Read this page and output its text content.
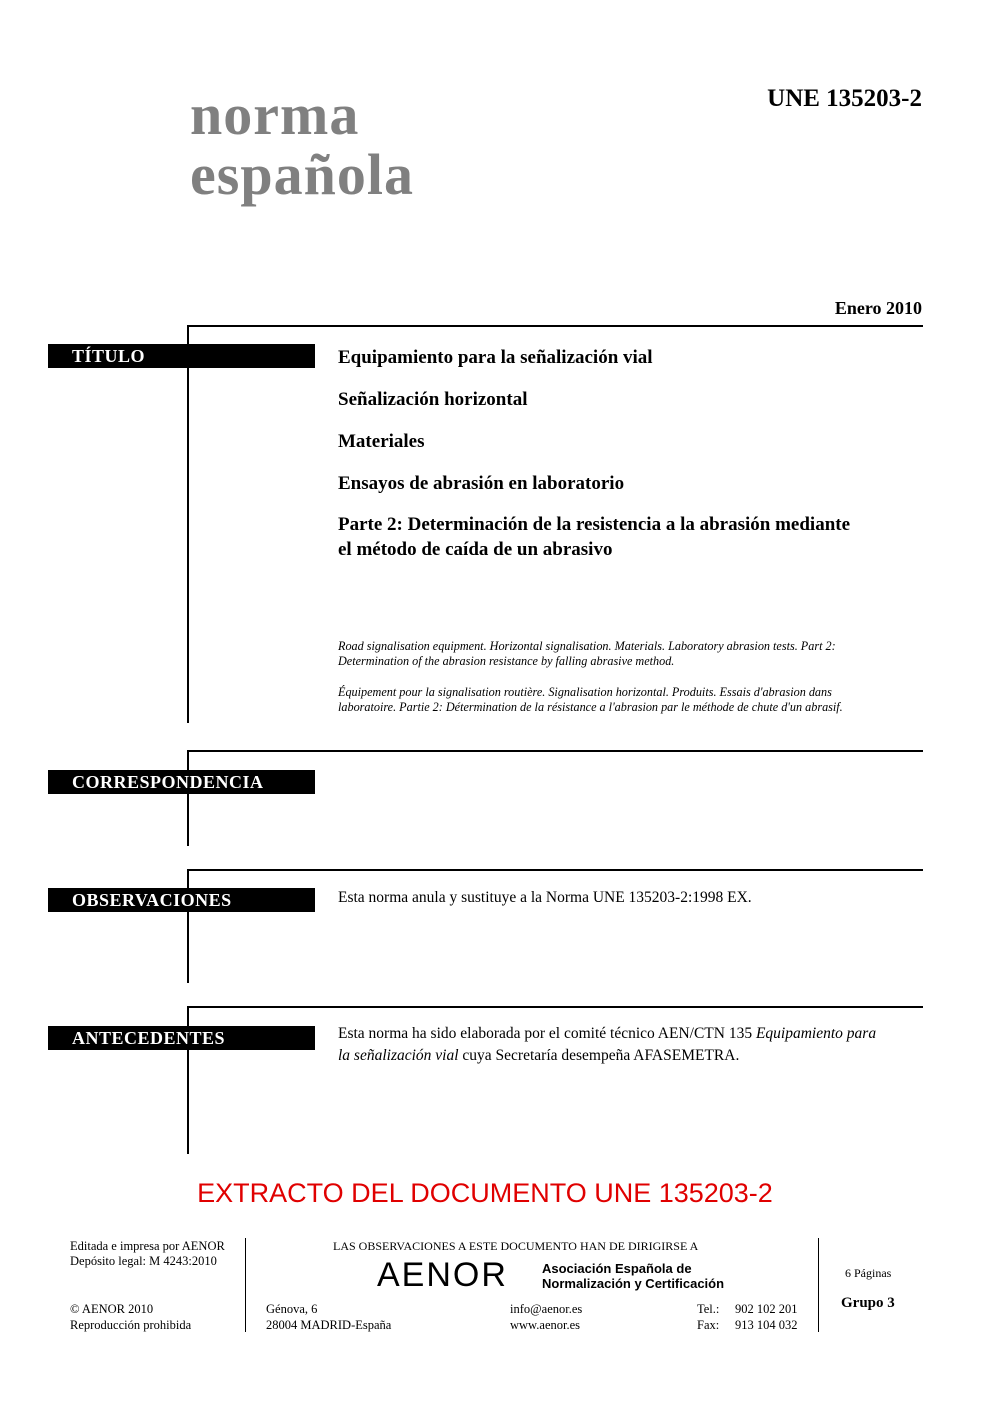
norma
española
UNE 135203-2
Enero 2010
TÍTULO	Equipamiento para la señalización vial
Señalización horizontal
Materiales
Ensayos de abrasión en laboratorio
Parte 2: Determinación de la resistencia a la abrasión mediante
el método de caída de un abrasivo
Road signalisation equipment. Horizontal signalisation. Materials. Laboratory abrasion tests. Part 2:
Determination of the abrasion resistance by falling abrasive method.
Équipement pour la signalisation routière. Signalisation horizontal. Produits. Essais d'abrasion dans
laboratoire. Partie 2: Détermination de la résistance a l'abrasion par le méthode de chute d'un abrasif.
CORRESPONDENCIA
OBSERVACIONES	Esta norma anula y sustituye a la Norma UNE 135203-2:1998 EX.
ANTECEDENTES	Esta norma ha sido elaborada por el comité técnico AEN/CTN 135 Equipamiento para
la señalización vial cuya Secretaría desempeña AFASEMETRA.
EXTRACTO DEL DOCUMENTO UNE 135203-2
Editada e impresa por AENOR
Depósito legal: M 4243:2010
© AENOR 2010
Reproducción prohibida
LAS OBSERVACIONES A ESTE DOCUMENTO HAN DE DIRIGIRSE A
AENOR	Asociación Española de
Normalización y Certificación
Génova, 6
28004 MADRID-España
info@aenor.es
www.aenor.es
Tel.: 902 102 201
Fax: 913 104 032
6 Páginas
Grupo 3
